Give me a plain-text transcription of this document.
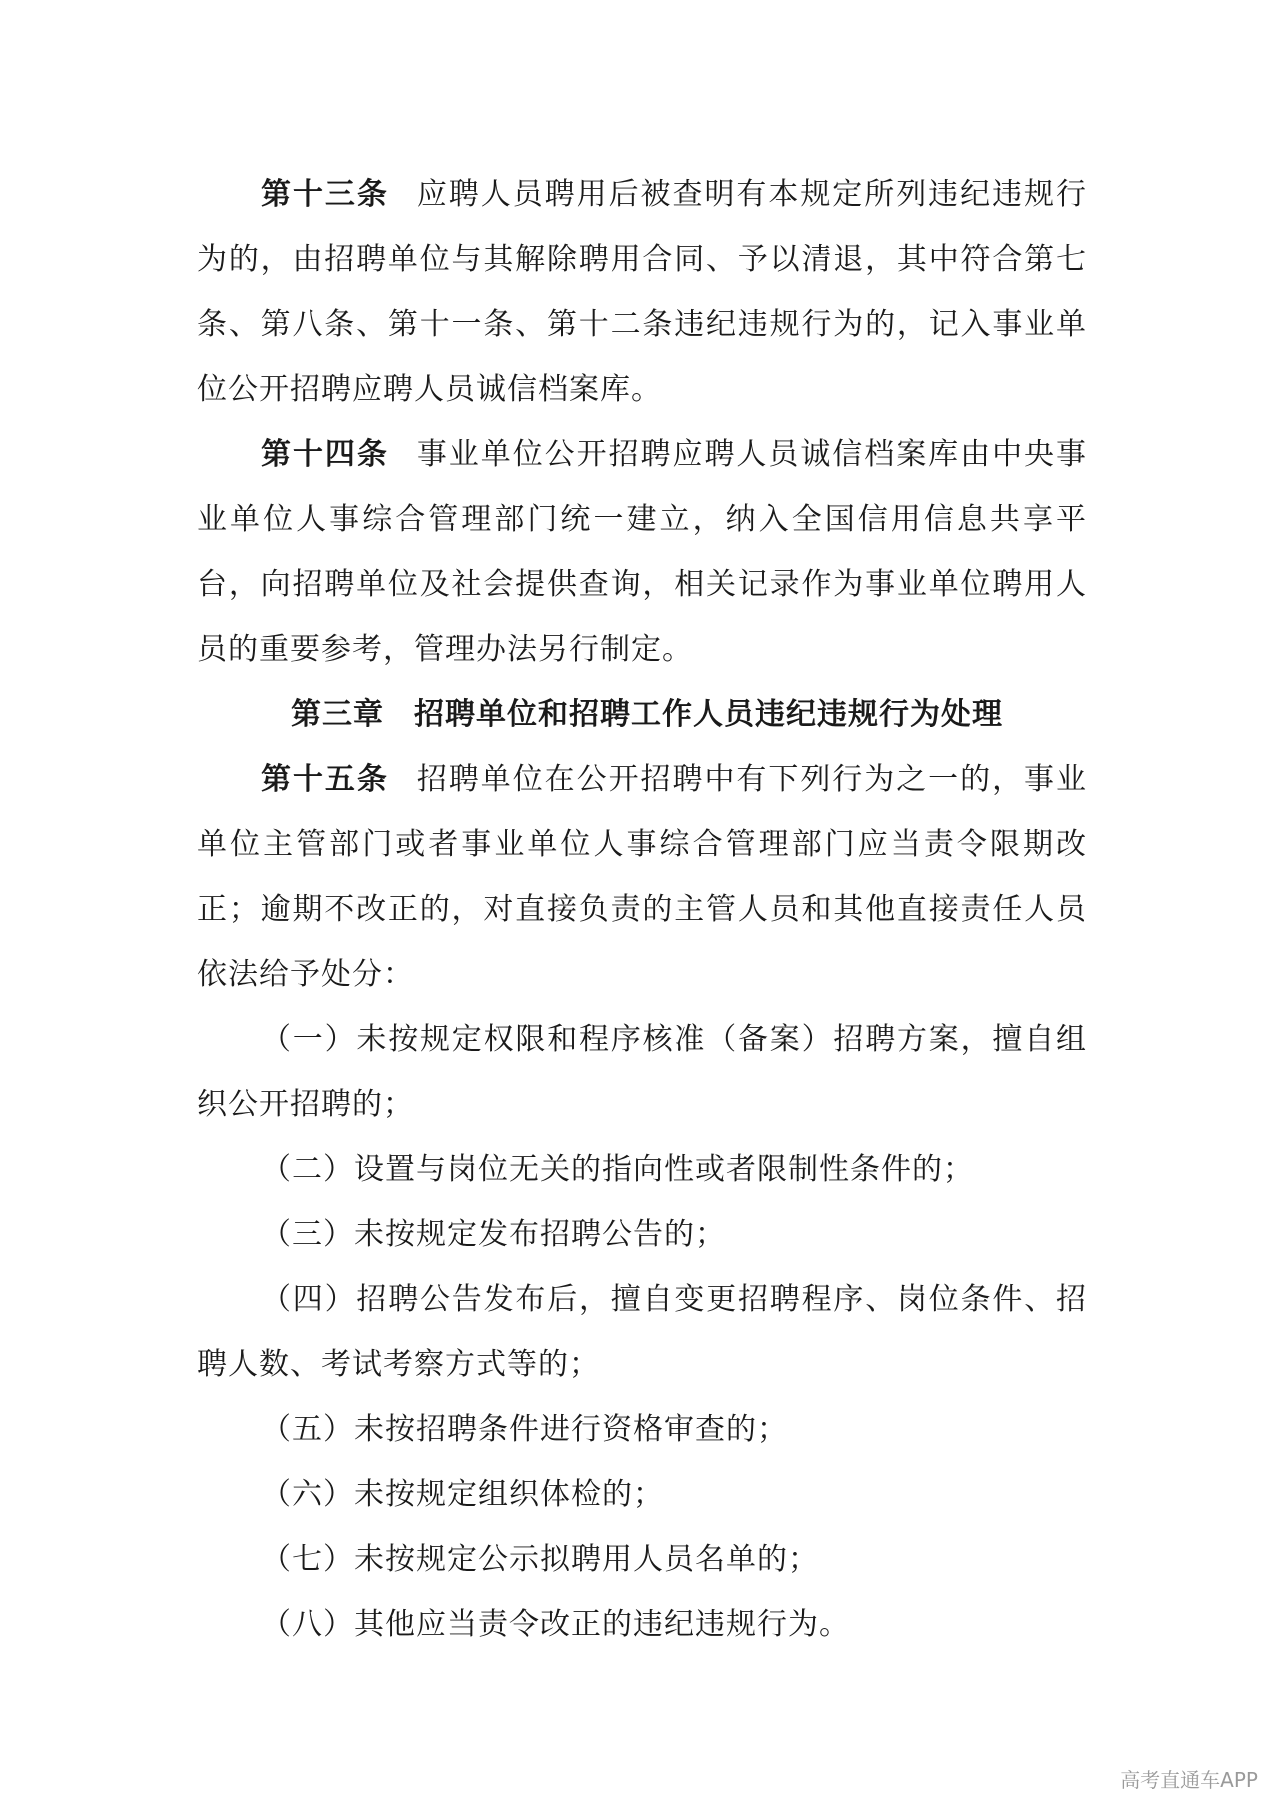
第十三条 应聘人员聘用后被查明有本规定所列违纪违规行为的，由招聘单位与其解除聘用合同、予以清退，其中符合第七条、第八条、第十一条、第十二条违纪违规行为的，记入事业单位公开招聘应聘人员诚信档案库。

第十四条 事业单位公开招聘应聘人员诚信档案库由中央事业单位人事综合管理部门统一建立，纳入全国信用信息共享平台，向招聘单位及社会提供查询，相关记录作为事业单位聘用人员的重要参考，管理办法另行制定。

第三章 招聘单位和招聘工作人员违纪违规行为处理

第十五条 招聘单位在公开招聘中有下列行为之一的，事业单位主管部门或者事业单位人事综合管理部门应当责令限期改正；逾期不改正的，对直接负责的主管人员和其他直接责任人员依法给予处分：

（一）未按规定权限和程序核准（备案）招聘方案，擅自组织公开招聘的；

（二）设置与岗位无关的指向性或者限制性条件的；

（三）未按规定发布招聘公告的；

（四）招聘公告发布后，擅自变更招聘程序、岗位条件、招聘人数、考试考察方式等的；

（五）未按招聘条件进行资格审查的；

（六）未按规定组织体检的；

（七）未按规定公示拟聘用人员名单的；

（八）其他应当责令改正的违纪违规行为。

高考直通车APP
